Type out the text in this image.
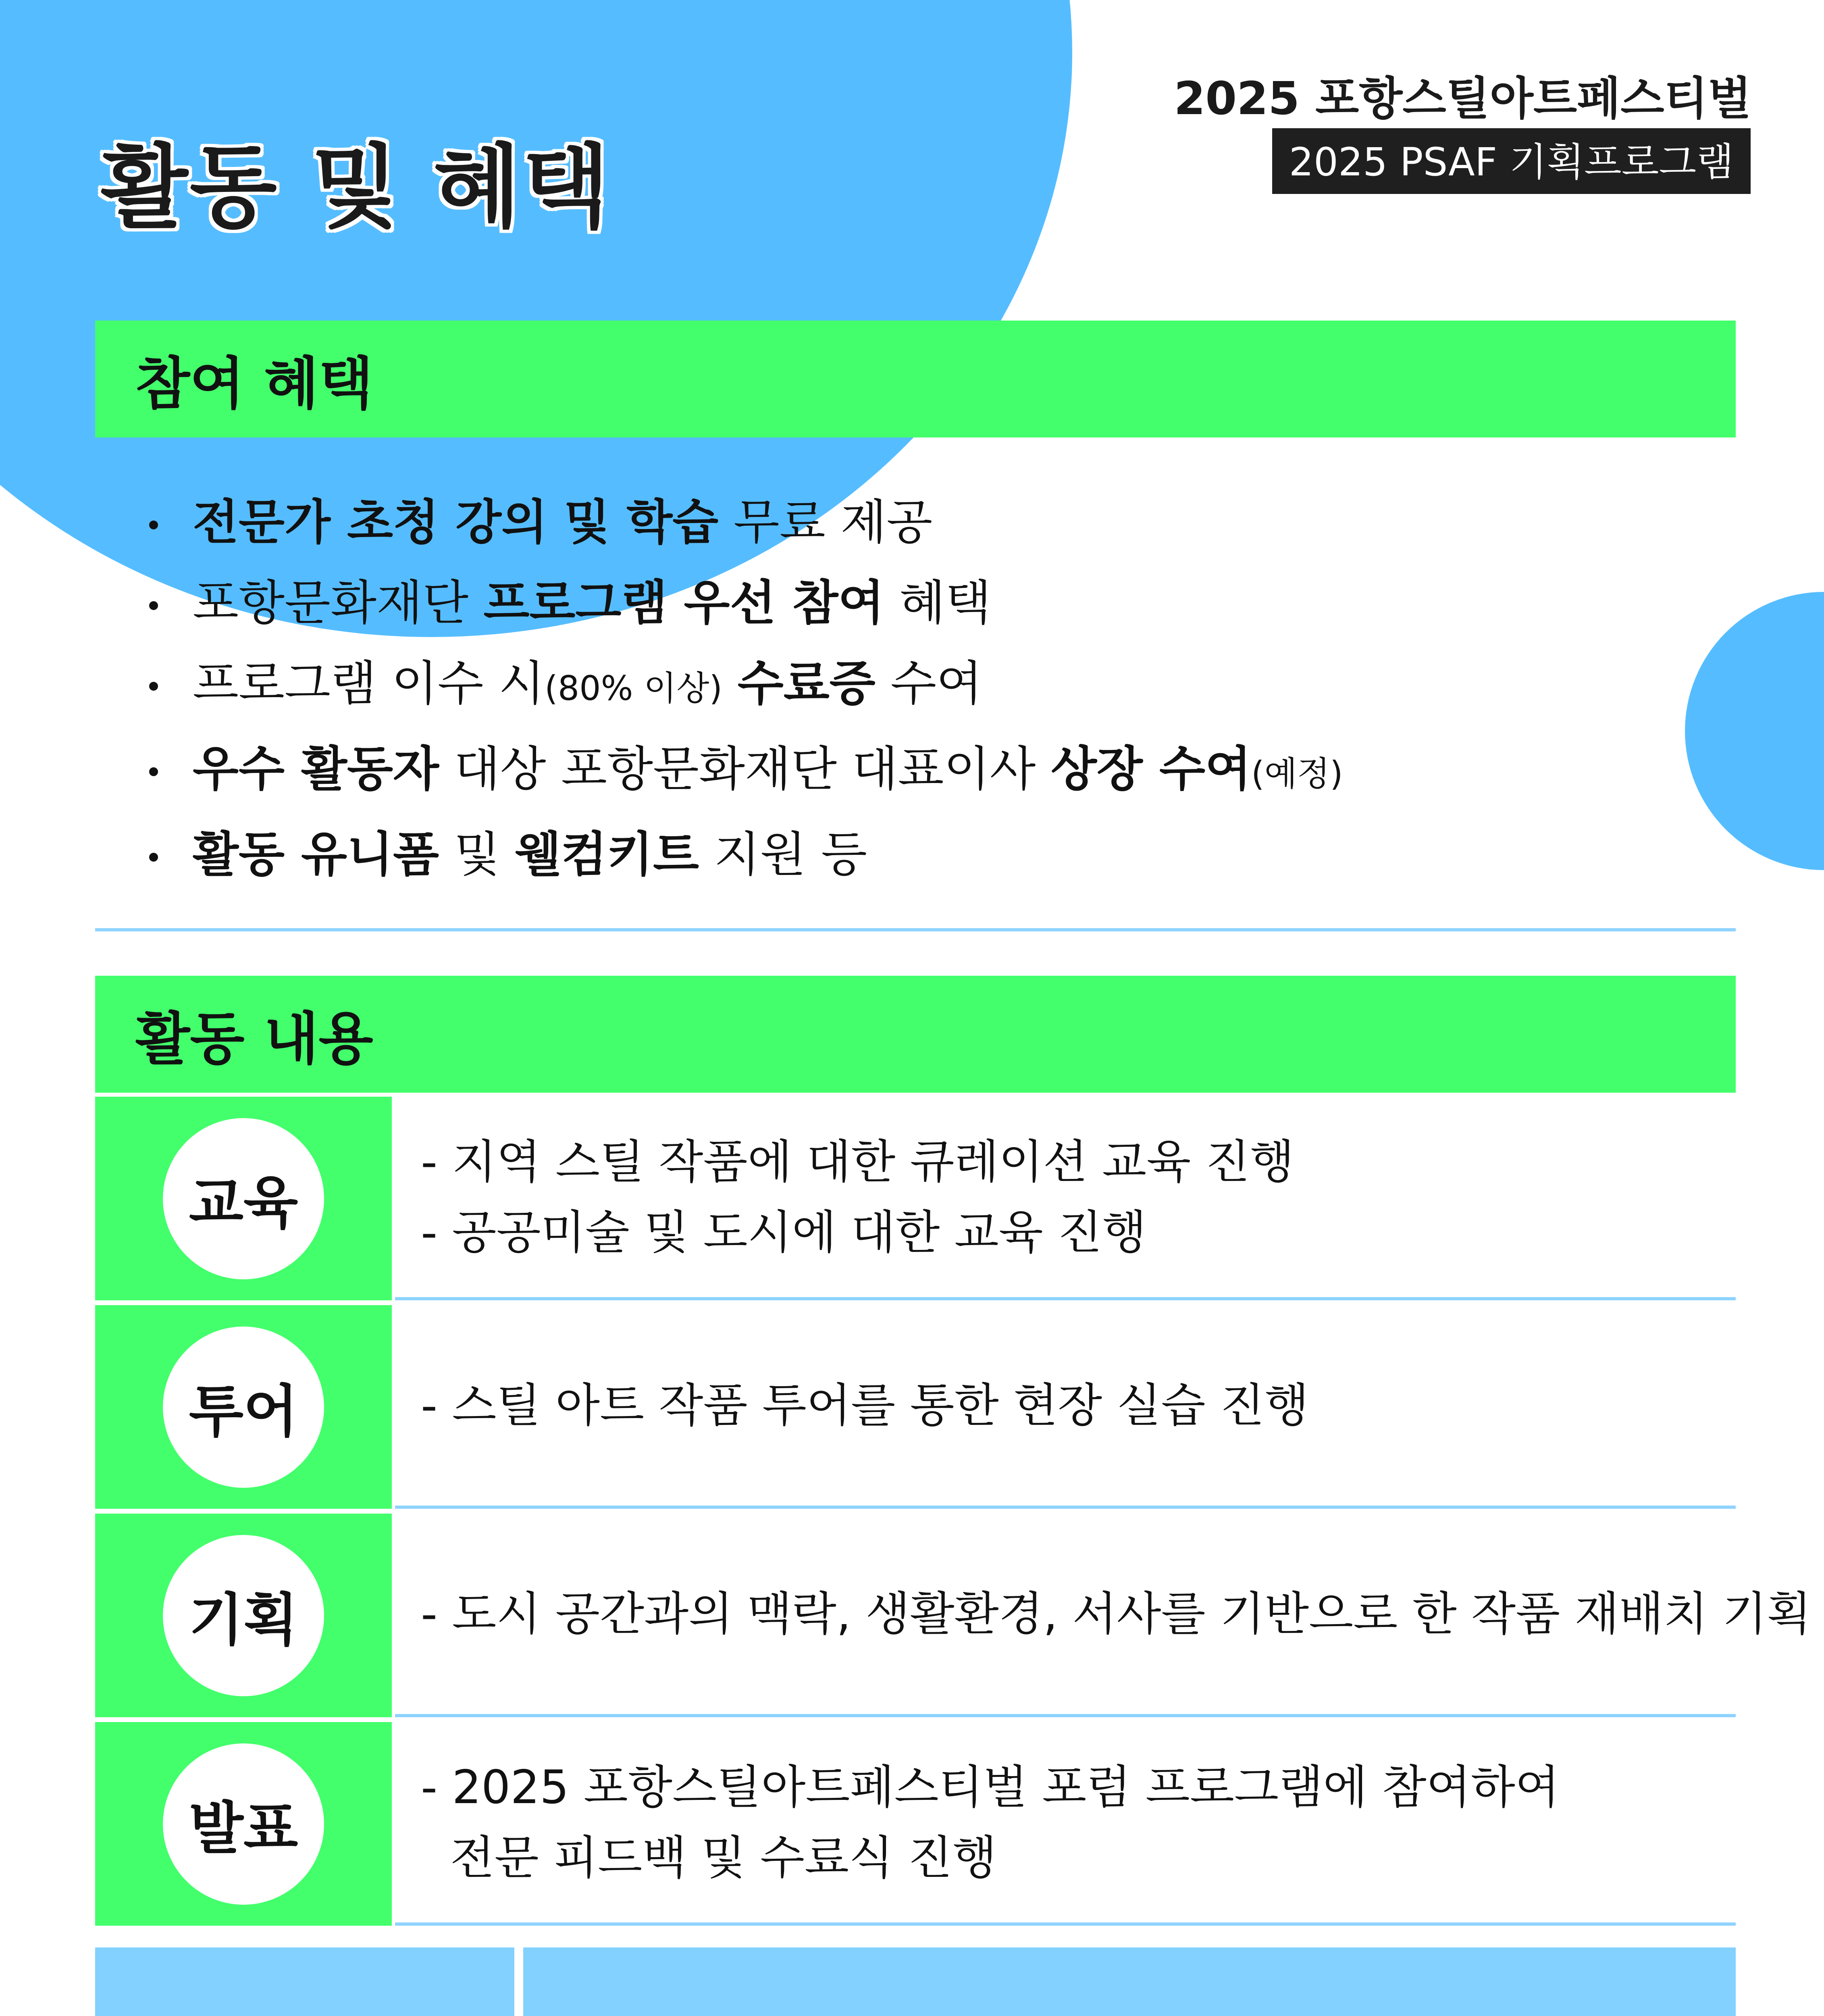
활동 및 혜택
2025 포항스틸아트페스티벌
2025 PSAF 기획프로그램
참여 혜택
전문가 초청 강의 및 학습 무료 제공
포항문화재단 프로그램 우선 참여 혜택
프로그램 이수 시(80% 이상) 수료증 수여
우수 활동자 대상 포항문화재단 대표이사 상장 수여(예정)
활동 유니폼 및 웰컴키트 지원 등
활동 내용
교육
- 지역 스틸 작품에 대한 큐레이션 교육 진행
- 공공미술 및 도시에 대한 교육 진행
투어	- 스틸 아트 작품 투어를 통한 현장 실습 진행
기획	- 도시 공간과의 맥락, 생활환경, 서사를 기반으로 한 작품 재배치 기획
발표
- 2025 포항스틸아트페스티벌 포럼 프로그램에 참여하여
전문 피드백 및 수료식 진행
